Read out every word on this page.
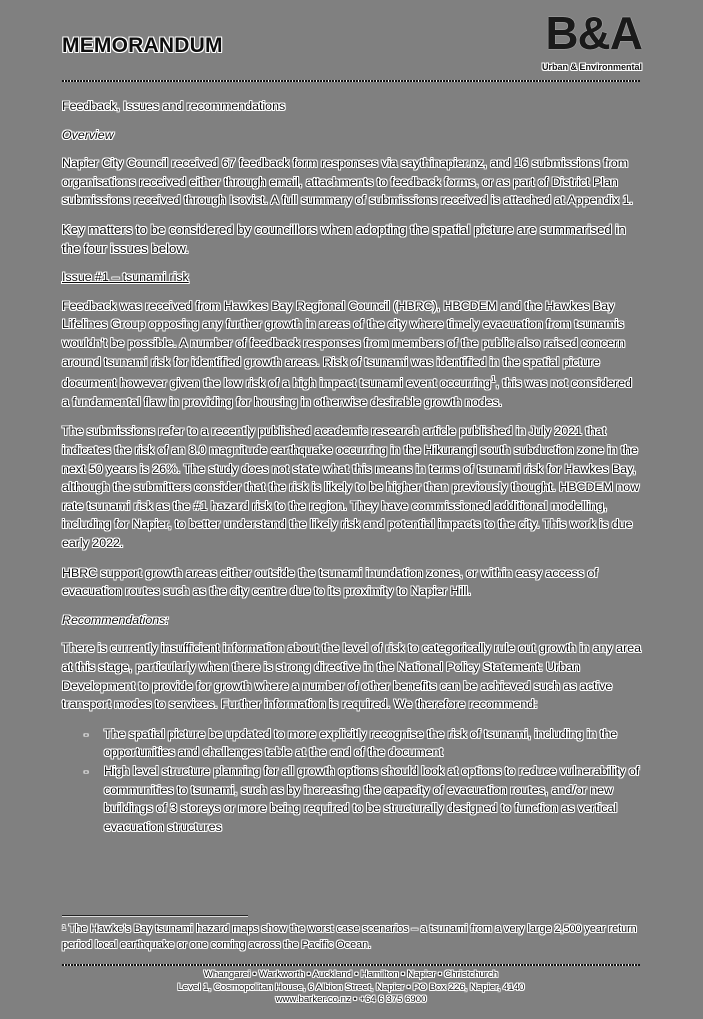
MEMORANDUM	B&A
Urban & Environmental

Feedback, Issues and recommendations

Overview

Napier City Council received 67 feedback form responses via saythinapier.nz, and 16 submissions from organisations received either through email, attachments to feedback forms, or as part of District Plan submissions received through Isovist. A full summary of submissions received is attached at Appendix 1.

Key matters to be considered by councillors when adopting the spatial picture are summarised in the four issues below.

Issue #1 – tsunami risk

Feedback was received from Hawkes Bay Regional Council (HBRC), HBCDEM and the Hawkes Bay Lifelines Group opposing any further growth in areas of the city where timely evacuation from tsunamis wouldn't be possible. A number of feedback responses from members of the public also raised concern around tsunami risk for identified growth areas. Risk of tsunami was identified in the spatial picture document however given the low risk of a high impact tsunami event occurring$^1$, this was not considered a fundamental flaw in providing for housing in otherwise desirable growth nodes.

The submissions refer to a recently published academic research article published in July 2021 that indicates the risk of an 8.0 magnitude earthquake occurring in the Hikurangi south subduction zone in the next 50 years is 26%. The study does not state what this means in terms of tsunami risk for Hawkes Bay, although the submitters consider that the risk is likely to be higher than previously thought. HBCDEM now rate tsunami risk as the #1 hazard risk to the region. They have commissioned additional modelling, including for Napier, to better understand the likely risk and potential impacts to the city. This work is due early 2022.

HBRC support growth areas either outside the tsunami inundation zones, or within easy access of evacuation routes such as the city centre due to its proximity to Napier Hill.

Recommendations:

There is currently insufficient information about the level of risk to categorically rule out growth in any area at this stage, particularly when there is strong directive in the National Policy Statement: Urban Development to provide for growth where a number of other benefits can be achieved such as active transport modes to services. Further information is required. We therefore recommend:

- The spatial picture be updated to more explicitly recognise the risk of tsunami, including in the opportunities and challenges table at the end of the document
- High level structure planning for all growth options should look at options to reduce vulnerability of communities to tsunami, such as by increasing the capacity of evacuation routes, and/or new buildings of 3 storeys or more being required to be structurally designed to function as vertical evacuation structures
$^1$ The Hawke's Bay tsunami hazard maps show the worst case scenarios – a tsunami from a very large 2,500 year return period local earthquake or one coming across the Pacific Ocean.
Whangarei • Warkworth • Auckland • Hamilton • Napier • Christchurch
Level 1, Cosmopolitan House, 6 Albion Street, Napier • PO Box 226, Napier, 4140
www.barker.co.nz • +64 6 375 6900
